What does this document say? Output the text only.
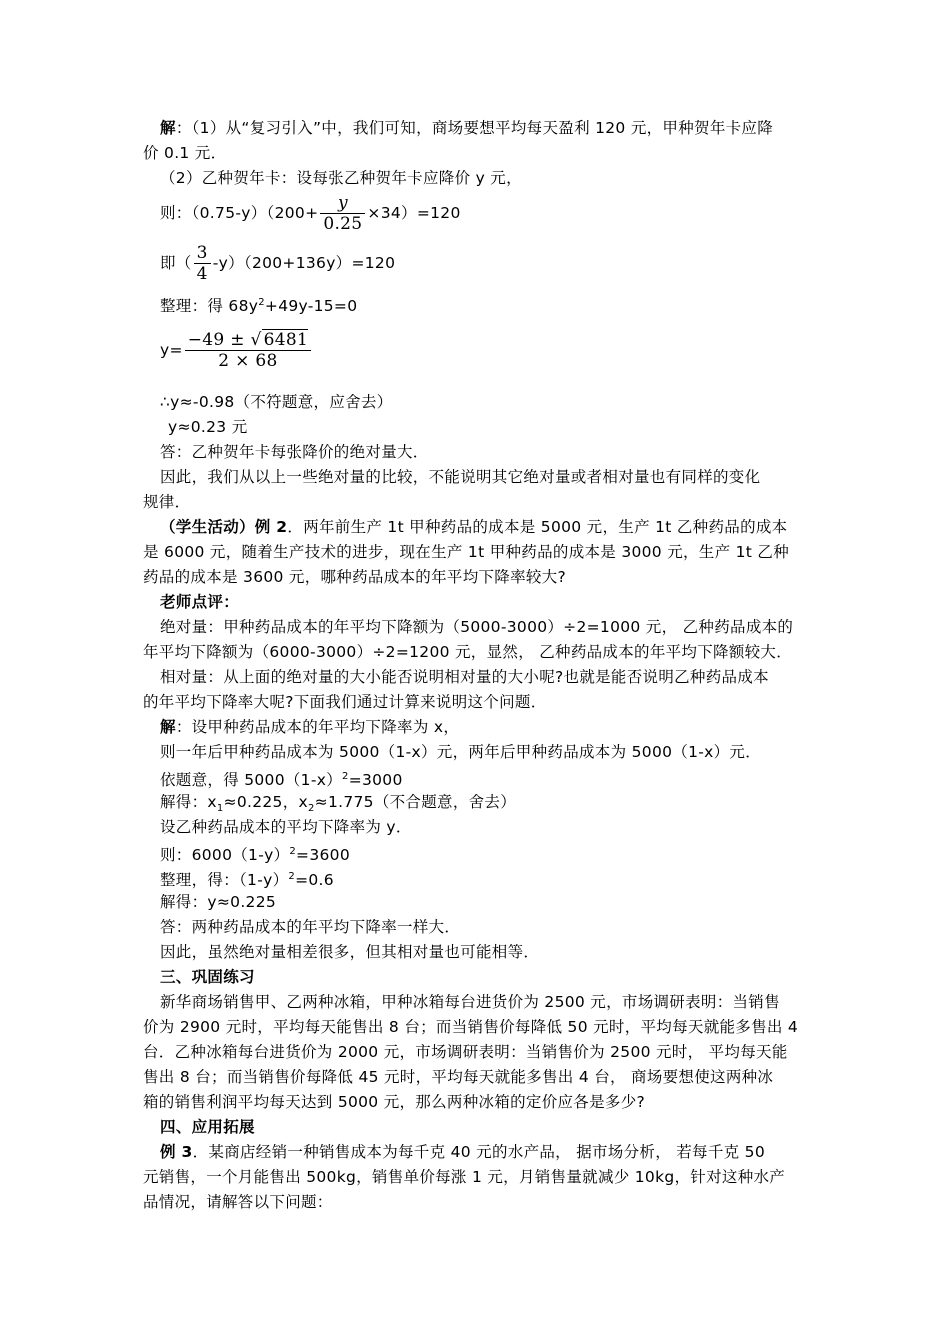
解：（1）从“复习引入”中，我们可知，商场要想平均每天盈利 120 元，甲种贺年卡应降
价 0.1 元．
（2）乙种贺年卡：设每张乙种贺年卡应降价 y 元，
则：$(0.75-y)(200+ \frac{y}{0.25} \times 34)=120$
即（ $\frac{3}{4} -y)(200+136y)=120$
整理：得 $68y^2+49y-15=0$
$y= \frac{-49 \pm √ 6481}{2 \times 68}$
∴y≈-0.98（不符题意，应舍去）
y≈0.23 元
答：乙种贺年卡每张降价的绝对量大．
因此，我们从以上一些绝对量的比较，不能说明其它绝对量或者相对量也有同样的变化
规律．
（学生活动）例 2．两年前生产 1t 甲种药品的成本是 5000 元，生产 1t 乙种药品的成本
是 6000 元，随着生产技术的进步，现在生产 1t 甲种药品的成本是 3000 元，生产 1t 乙种
药品的成本是 3600 元，哪种药品成本的年平均下降率较大?
老师点评：
绝对量：甲种药品成本的年平均下降额为（5000-3000）÷2=1000 元， 乙种药品成本的
年平均下降额为（6000-3000）÷2=1200 元，显然， 乙种药品成本的年平均下降额较大．
相对量：从上面的绝对量的大小能否说明相对量的大小呢?也就是能否说明乙种药品成本
的年平均下降率大呢?下面我们通过计算来说明这个问题．
解：设甲种药品成本的年平均下降率为 x，
则一年后甲种药品成本为 5000（1-x）元，两年后甲种药品成本为 5000（1-x）元．
依题意，得 $5000(1-x)^2=3000$
解得：$x_1\approx 0.225$，$x_2\approx 1.775$（不合题意，舍去）
设乙种药品成本的平均下降率为 y．
则：$6000(1-y)^2=3600$
整理，得：$(1-y)^2=0.6$
解得：y≈0.225
答：两种药品成本的年平均下降率一样大．
因此，虽然绝对量相差很多，但其相对量也可能相等．
三、巩固练习
新华商场销售甲、乙两种冰箱，甲种冰箱每台进货价为 2500 元，市场调研表明：当销售
价为 2900 元时，平均每天能售出 8 台；而当销售价每降低 50 元时，平均每天就能多售出 4
台．乙种冰箱每台进货价为 2000 元，市场调研表明：当销售价为 2500 元时， 平均每天能
售出 8 台；而当销售价每降低 45 元时，平均每天就能多售出 4 台， 商场要想使这两种冰
箱的销售利润平均每天达到 5000 元，那么两种冰箱的定价应各是多少?
四、应用拓展
例 3．某商店经销一种销售成本为每千克 40 元的水产品， 据市场分析， 若每千克 50
元销售，一个月能售出 500kg，销售单价每涨 1 元，月销售量就减少 10kg，针对这种水产
品情况，请解答以下问题：
